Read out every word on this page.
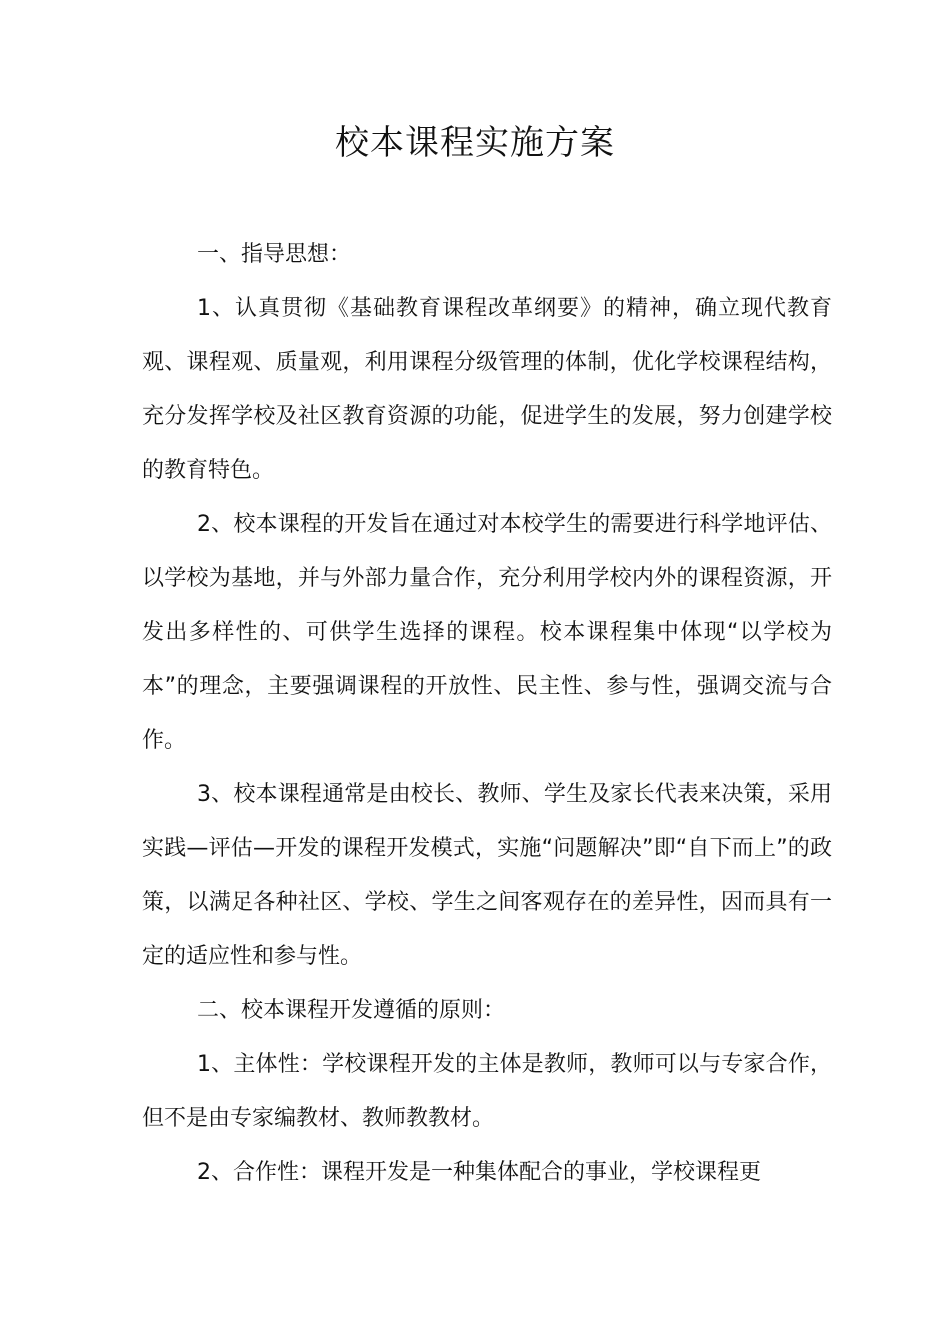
校本课程实施方案

一、指导思想：

1、认真贯彻《基础教育课程改革纲要》的精神，确立现代教育观、课程观、质量观，利用课程分级管理的体制，优化学校课程结构，充分发挥学校及社区教育资源的功能，促进学生的发展，努力创建学校的教育特色。

2、校本课程的开发旨在通过对本校学生的需要进行科学地评估、以学校为基地，并与外部力量合作，充分利用学校内外的课程资源，开发出多样性的、可供学生选择的课程。校本课程集中体现“以学校为本”的理念，主要强调课程的开放性、民主性、参与性，强调交流与合作。

3、校本课程通常是由校长、教师、学生及家长代表来决策，采用实践—评估—开发的课程开发模式，实施“问题解决”即“自下而上”的政策，以满足各种社区、学校、学生之间客观存在的差异性，因而具有一定的适应性和参与性。

二、校本课程开发遵循的原则：

1、主体性：学校课程开发的主体是教师，教师可以与专家合作，但不是由专家编教材、教师教教材。

2、合作性：课程开发是一种集体配合的事业，学校课程更
